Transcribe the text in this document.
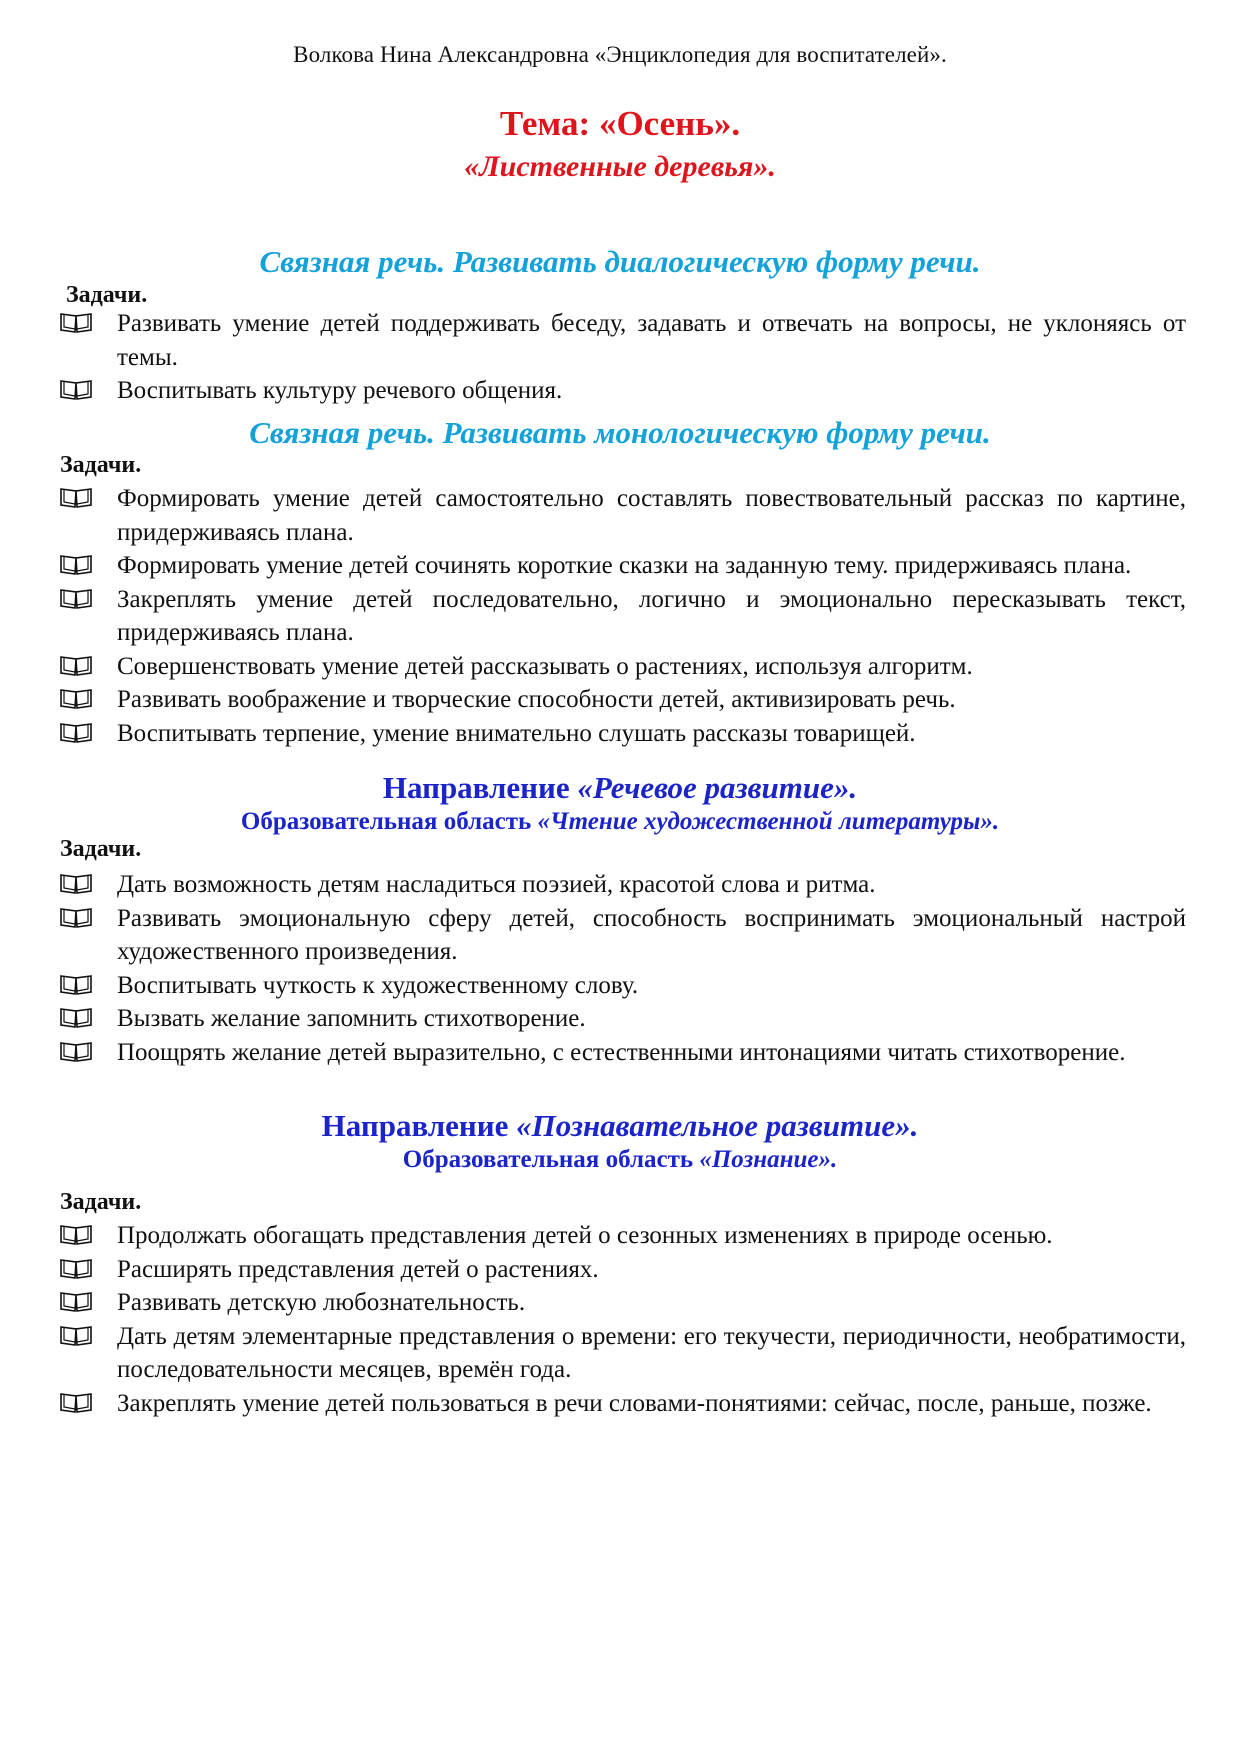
Волкова Нина Александровна «Энциклопедия для воспитателей».
Тема: «Осень».
«Лиственные деревья».
Связная речь. Развивать диалогическую форму речи.
Задачи.
Развивать умение детей поддерживать беседу, задавать и отвечать на вопросы, не уклоняясь от темы.
Воспитывать культуру речевого общения.
Связная речь. Развивать монологическую форму речи.
Задачи.
Формировать умение детей самостоятельно составлять повествовательный рассказ по картине, придерживаясь плана.
Формировать умение детей сочинять короткие сказки на заданную тему. придерживаясь плана.
Закреплять умение детей последовательно, логично и эмоционально пересказывать текст, придерживаясь плана.
Совершенствовать умение детей рассказывать о растениях, используя алгоритм.
Развивать воображение и творческие способности детей, активизировать речь.
Воспитывать терпение, умение внимательно слушать рассказы товарищей.
Направление «Речевое развитие».
Образовательная область «Чтение художественной литературы».
Задачи.
Дать возможность детям насладиться поэзией, красотой слова и ритма.
Развивать эмоциональную сферу детей, способность воспринимать эмоциональный настрой художественного произведения.
Воспитывать чуткость к художественному слову.
Вызвать желание запомнить стихотворение.
Поощрять желание детей выразительно, с естественными интонациями читать стихотворение.
Направление «Познавательное развитие».
Образовательная область «Познание».
Задачи.
Продолжать обогащать представления детей о сезонных изменениях в природе осенью.
Расширять представления детей о растениях.
Развивать детскую любознательность.
Дать детям элементарные представления о времени: его текучести, периодичности, необратимости, последовательности месяцев, времён года.
Закреплять умение детей пользоваться в речи словами-понятиями: сейчас, после, раньше, позже.
